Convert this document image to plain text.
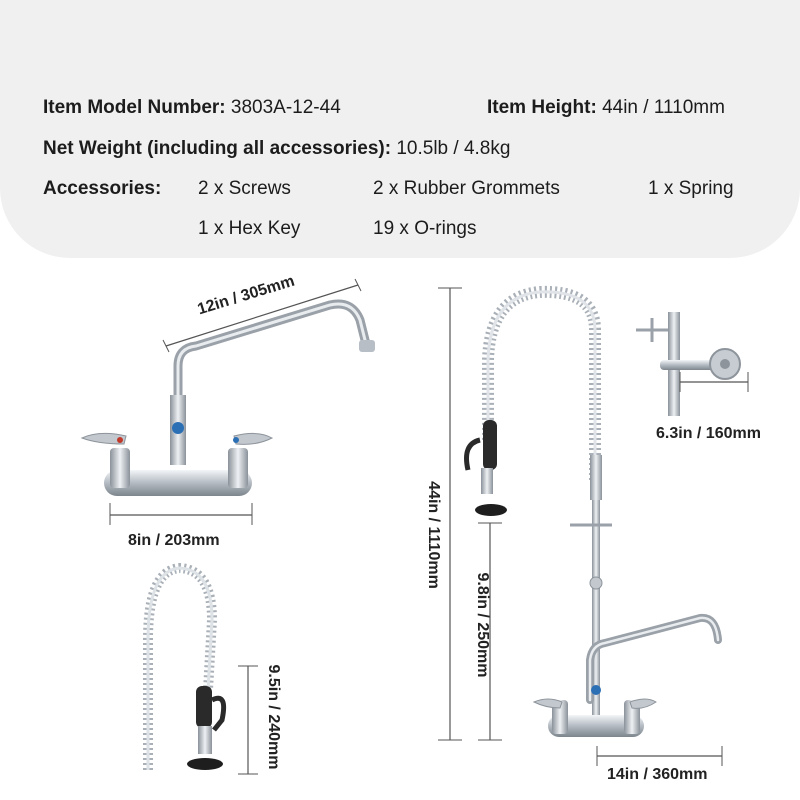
Item Model Number: 3803A-12-44	Item Height: 44in / 1110mm
Net Weight (including all accessories): 10.5lb / 4.8kg
Accessories: 2 x Screws	2 x Rubber Grommets	1 x Spring
1 x Hex Key	19 x O-rings
12in / 305mm
8in / 203mm
6.3in / 160mm
44in / 1110mm
9.8in / 250mm
9.5in / 240mm
14in / 360mm
